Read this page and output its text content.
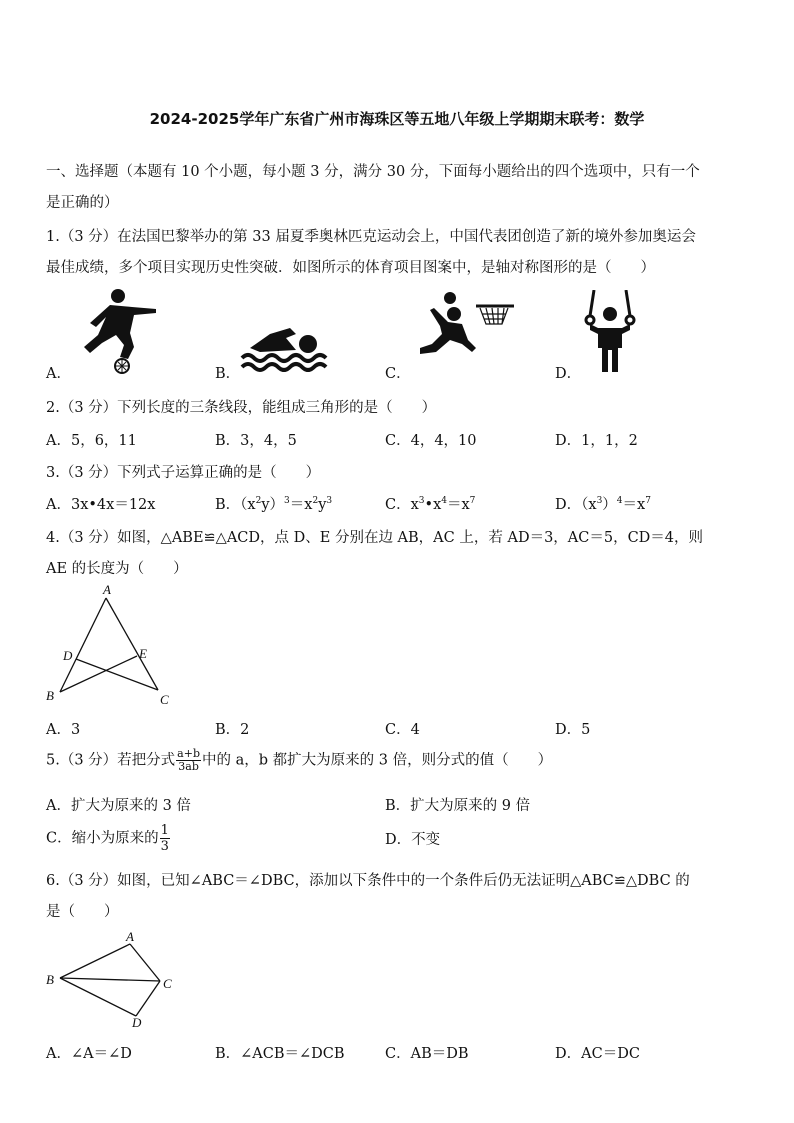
2024-2025学年广东省广州市海珠区等五地八年级上学期期末联考：数学
一、选择题（本题有 10 个小题，每小题 3 分，满分 30 分，下面每小题给出的四个选项中，只有一个
是正确的）
1.（3 分）在法国巴黎举办的第 33 届夏季奥林匹克运动会上，中国代表团创造了新的境外参加奥运会
最佳成绩，多个项目实现历史性突破．如图所示的体育项目图案中，是轴对称图形的是（　　）
A．	B．	C．	D．
2.（3 分）下列长度的三条线段，能组成三角形的是（　　）
A．5，6，11	B．3，4，5	C．4，4，10	D．1，1，2
3.（3 分）下列式子运算正确的是（　　）
A．3x•4x＝12x	B．$(x^2y)^3=x^2y^3$	C．$x^3•x^4=x^7$	D．$(x^3)^4=x^7$
4.（3 分）如图，△ABE≌△ACD，点 D、E 分别在边 AB，AC 上，若 AD＝3，AC＝5，CD＝4，则
AE 的长度为（　　）
A
B	C
D	E
A．3	B．2	C．4	D．5
5.（3 分）若把分式 $\frac{a+b}{3ab}$ 中的 a，b 都扩大为原来的 3 倍，则分式的值（　　）
A．扩大为原来的 3 倍	B．扩大为原来的 9 倍
C．缩小为原来的 $\frac{1}{3}$	D．不变
6.（3 分）如图，已知∠ABC＝∠DBC，添加以下条件中的一个条件后仍无法证明△ABC≌△DBC 的
是（　　）
A
B	C
D
A．∠A＝∠D	B．∠ACB＝∠DCB	C．AB＝DB	D．AC＝DC
